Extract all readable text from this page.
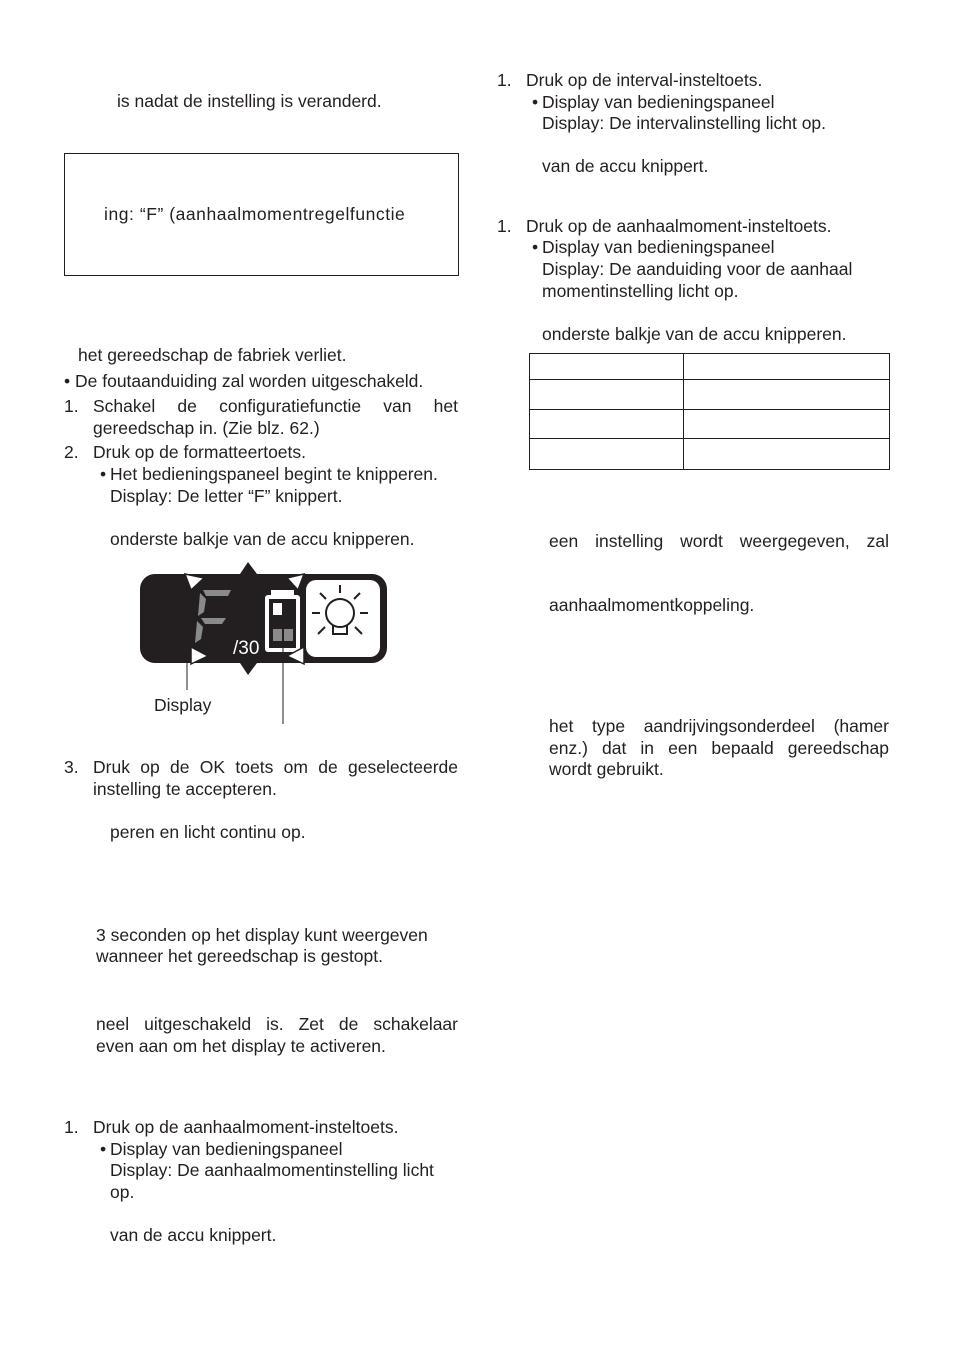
is nadat de instelling is veranderd.
ing: “F” (aanhaalmomentregelfunctie
het gereedschap de fabriek verliet.
• De foutaanduiding zal worden uitgeschakeld.
1. Schakel de configuratiefunctie van het
gereedschap in. (Zie blz. 62.)
2. Druk op de formatteertoets.
• Het bedieningspaneel begint te knipperen.
Display: De letter “F” knippert.
onderste balkje van de accu knipperen.
/30
Display
3. Druk op de OK toets om de geselecteerde
instelling te accepteren.
peren en licht continu op.
3 seconden op het display kunt weergeven
wanneer het gereedschap is gestopt.
neel uitgeschakeld is. Zet de schakelaar
even aan om het display te activeren.
1. Druk op de aanhaalmoment-insteltoets.
• Display van bedieningspaneel
Display: De aanhaalmomentinstelling licht
op.
van de accu knippert.
1. Druk op de interval-insteltoets.
• Display van bedieningspaneel
Display: De intervalinstelling licht op.
van de accu knippert.
1. Druk op de aanhaalmoment-insteltoets.
• Display van bedieningspaneel
Display: De aanduiding voor de aanhaal
momentinstelling licht op.
onderste balkje van de accu knipperen.

een instelling wordt weergegeven, zal
aanhaalmomentkoppeling.
het type aandrijvingsonderdeel (hamer
enz.) dat in een bepaald gereedschap
wordt gebruikt.
